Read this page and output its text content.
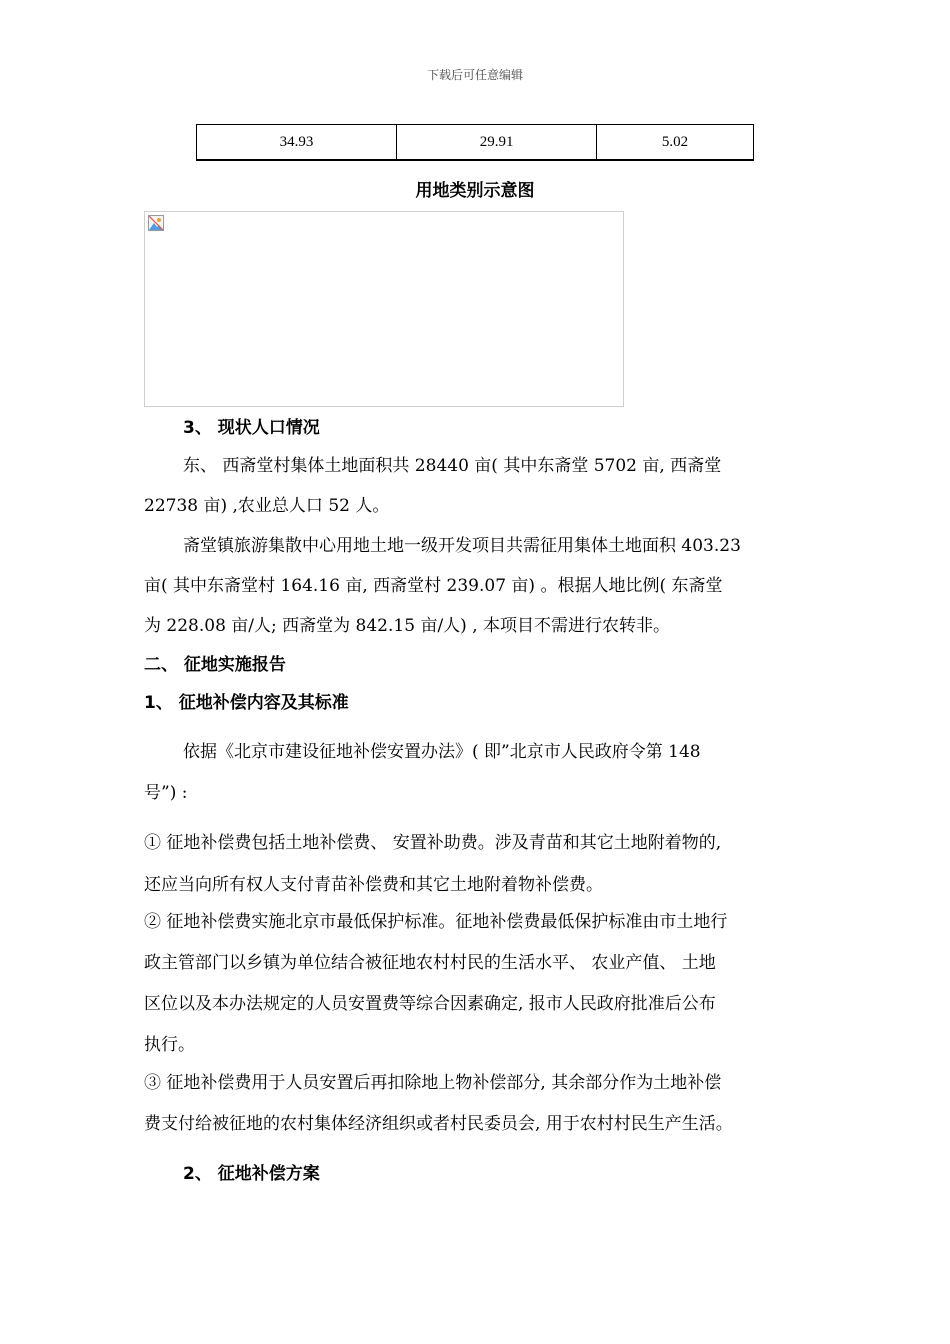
下载后可任意编辑
34.93	29.91	5.02
用地类别示意图
3、 现状人口情况
东、 西斋堂村集体土地面积共 28440 亩( 其中东斋堂 5702 亩, 西斋堂
22738 亩) ,农业总人口 52 人。
斋堂镇旅游集散中心用地土地一级开发项目共需征用集体土地面积 403.23
亩( 其中东斋堂村 164.16 亩, 西斋堂村 239.07 亩) 。根据人地比例( 东斋堂
为 228.08 亩/人; 西斋堂为 842.15 亩/人) , 本项目不需进行农转非。
二、 征地实施报告
1、 征地补偿内容及其标准
依据《北京市建设征地补偿安置办法》( 即”北京市人民政府令第 148
号”) :
① 征地补偿费包括土地补偿费、 安置补助费。涉及青苗和其它土地附着物的,
还应当向所有权人支付青苗补偿费和其它土地附着物补偿费。
② 征地补偿费实施北京市最低保护标准。征地补偿费最低保护标准由市土地行
政主管部门以乡镇为单位结合被征地农村村民的生活水平、 农业产值、 土地
区位以及本办法规定的人员安置费等综合因素确定, 报市人民政府批准后公布
执行。
③ 征地补偿费用于人员安置后再扣除地上物补偿部分, 其余部分作为土地补偿
费支付给被征地的农村集体经济组织或者村民委员会, 用于农村村民生产生活。
2、 征地补偿方案
